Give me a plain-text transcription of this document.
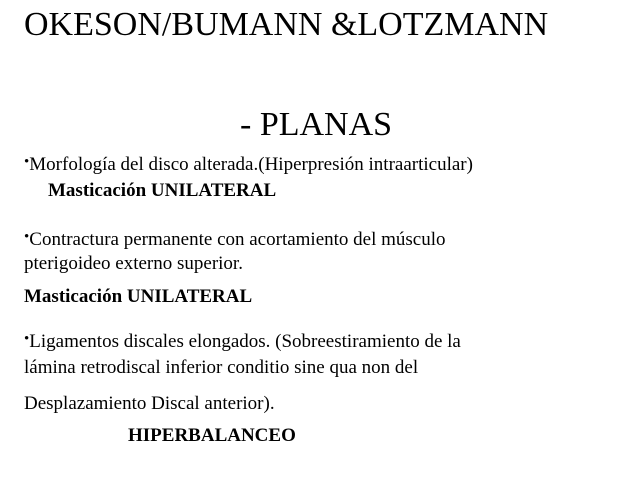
OKESON/BUMANN &LOTZMANN
- PLANAS
•Morfología del disco alterada.(Hiperpresión intraarticular)
Masticación UNILATERAL
•Contractura permanente con acortamiento del músculo
pterigoideo externo superior.
Masticación UNILATERAL
•Ligamentos discales elongados. (Sobreestiramiento de la
lámina retrodiscal inferior conditio sine qua non del
Desplazamiento Discal anterior).
HIPERBALANCEO
